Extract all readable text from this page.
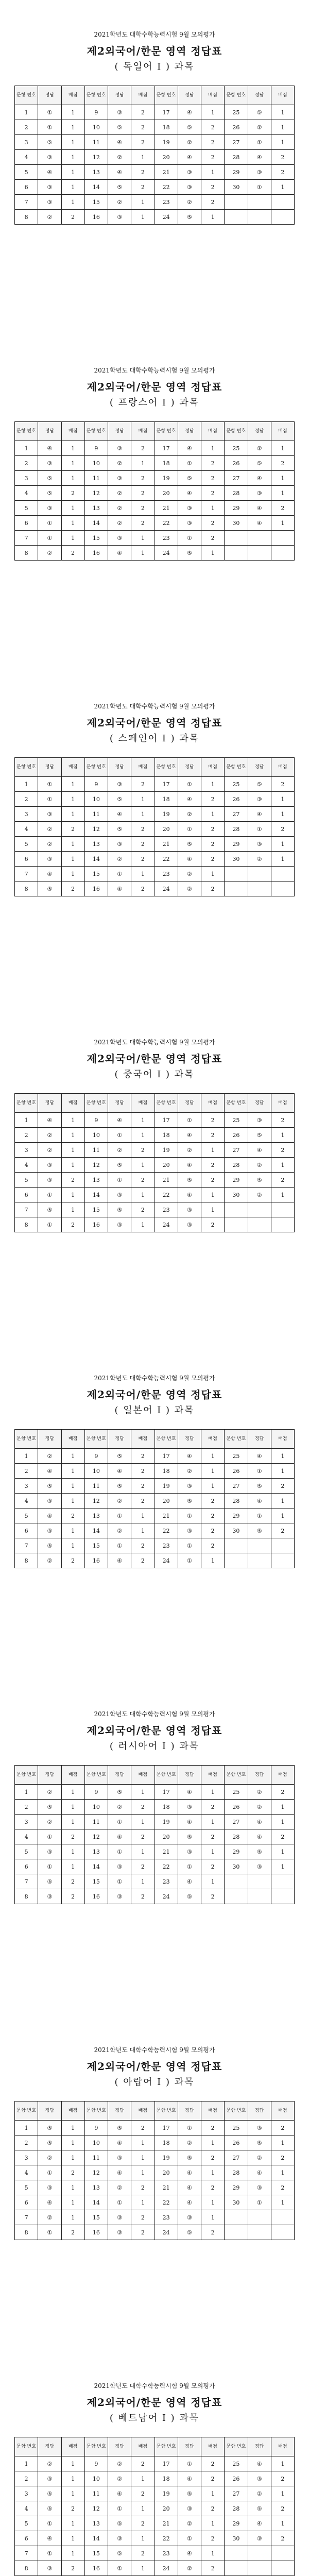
2021학년도 대학수학능력시험 9월 모의평가

제2외국어/한문 영역 정답표

( 독일어 Ⅰ ) 과목

문항 번호	정답	배점	문항 번호	정답	배점	문항 번호	정답	배점	문항 번호	정답	배점
1	①	1	9	③	2	17	④	1	25	⑤	1
2	①	1	10	⑤	2	18	⑤	2	26	②	1
3	⑤	1	11	④	2	19	②	2	27	①	1
4	③	1	12	②	1	20	④	2	28	④	2
5	④	1	13	④	2	21	③	1	29	③	2
6	③	1	14	⑤	2	22	③	2	30	①	1
7	③	1	15	②	1	23	②	2			
8	②	2	16	③	1	24	⑤	1			

2021학년도 대학수학능력시험 9월 모의평가

제2외국어/한문 영역 정답표

( 프랑스어 Ⅰ ) 과목

문항 번호	정답	배점	문항 번호	정답	배점	문항 번호	정답	배점	문항 번호	정답	배점
1	④	1	9	③	2	17	④	1	25	②	1
2	③	1	10	②	1	18	①	2	26	⑤	2
3	⑤	1	11	③	2	19	⑤	2	27	④	1
4	⑤	2	12	②	2	20	④	2	28	③	1
5	③	1	13	②	2	21	③	1	29	④	2
6	①	1	14	②	2	22	③	2	30	④	1
7	①	1	15	③	1	23	①	2			
8	②	2	16	④	1	24	⑤	1			

2021학년도 대학수학능력시험 9월 모의평가

제2외국어/한문 영역 정답표

( 스페인어 Ⅰ ) 과목

문항 번호	정답	배점	문항 번호	정답	배점	문항 번호	정답	배점	문항 번호	정답	배점
1	①	1	9	③	2	17	①	1	25	⑤	2
2	①	1	10	⑤	1	18	④	2	26	③	1
3	③	1	11	④	1	19	②	1	27	④	1
4	②	2	12	⑤	2	20	①	2	28	①	2
5	②	1	13	③	2	21	⑤	2	29	③	1
6	③	1	14	②	2	22	④	2	30	②	1
7	④	1	15	①	1	23	②	1			
8	⑤	2	16	④	2	24	②	2			

2021학년도 대학수학능력시험 9월 모의평가

제2외국어/한문 영역 정답표

( 중국어 Ⅰ ) 과목

문항 번호	정답	배점	문항 번호	정답	배점	문항 번호	정답	배점	문항 번호	정답	배점
1	④	1	9	④	1	17	①	2	25	③	2
2	②	1	10	①	1	18	④	2	26	⑤	1
3	②	1	11	②	2	19	②	1	27	④	2
4	③	1	12	⑤	1	20	④	2	28	②	1
5	③	2	13	①	2	21	⑤	2	29	⑤	2
6	①	1	14	③	1	22	④	1	30	②	1
7	⑤	1	15	⑤	2	23	③	1			
8	①	2	16	③	1	24	③	2			

2021학년도 대학수학능력시험 9월 모의평가

제2외국어/한문 영역 정답표

( 일본어 Ⅰ ) 과목

문항 번호	정답	배점	문항 번호	정답	배점	문항 번호	정답	배점	문항 번호	정답	배점
1	②	1	9	⑤	2	17	④	1	25	④	1
2	④	1	10	④	2	18	②	1	26	①	1
3	⑤	1	11	⑤	2	19	③	1	27	⑤	2
4	③	1	12	②	2	20	⑤	2	28	④	1
5	④	2	13	①	1	21	①	2	29	①	1
6	③	1	14	②	1	22	③	2	30	⑤	2
7	⑤	1	15	①	2	23	①	2			
8	②	2	16	④	2	24	①	1			

2021학년도 대학수학능력시험 9월 모의평가

제2외국어/한문 영역 정답표

( 러시아어 Ⅰ ) 과목

문항 번호	정답	배점	문항 번호	정답	배점	문항 번호	정답	배점	문항 번호	정답	배점
1	②	1	9	⑤	1	17	④	1	25	②	2
2	⑤	1	10	②	2	18	③	2	26	②	1
3	②	1	11	①	1	19	④	1	27	④	1
4	①	2	12	④	2	20	⑤	2	28	④	2
5	③	1	13	①	1	21	③	1	29	⑤	1
6	①	1	14	③	2	22	①	2	30	③	1
7	⑤	2	15	①	1	23	④	1			
8	③	2	16	③	2	24	⑤	2			

2021학년도 대학수학능력시험 9월 모의평가

제2외국어/한문 영역 정답표

( 아랍어 Ⅰ ) 과목

문항 번호	정답	배점	문항 번호	정답	배점	문항 번호	정답	배점	문항 번호	정답	배점
1	⑤	1	9	⑤	2	17	①	2	25	③	2
2	⑤	1	10	④	1	18	②	1	26	⑤	1
3	②	1	11	③	1	19	⑤	2	27	②	2
4	①	2	12	④	1	20	④	1	28	④	1
5	③	1	13	②	2	21	④	2	29	③	2
6	④	1	14	①	1	22	④	1	30	①	1
7	②	1	15	③	2	23	③	1			
8	①	2	16	③	2	24	⑤	2			

2021학년도 대학수학능력시험 9월 모의평가

제2외국어/한문 영역 정답표

( 베트남어 Ⅰ ) 과목

문항 번호	정답	배점	문항 번호	정답	배점	문항 번호	정답	배점	문항 번호	정답	배점
1	②	1	9	②	2	17	①	2	25	④	1
2	③	1	10	②	1	18	④	2	26	③	2
3	⑤	1	11	④	2	19	⑤	1	27	②	1
4	⑤	2	12	①	1	20	③	2	28	⑤	2
5	①	1	13	⑤	2	21	②	1	29	④	1
6	④	1	14	③	1	22	①	2	30	③	2
7	①	1	15	⑤	2	23	④	1			
8	③	2	16	①	1	24	②	2			
